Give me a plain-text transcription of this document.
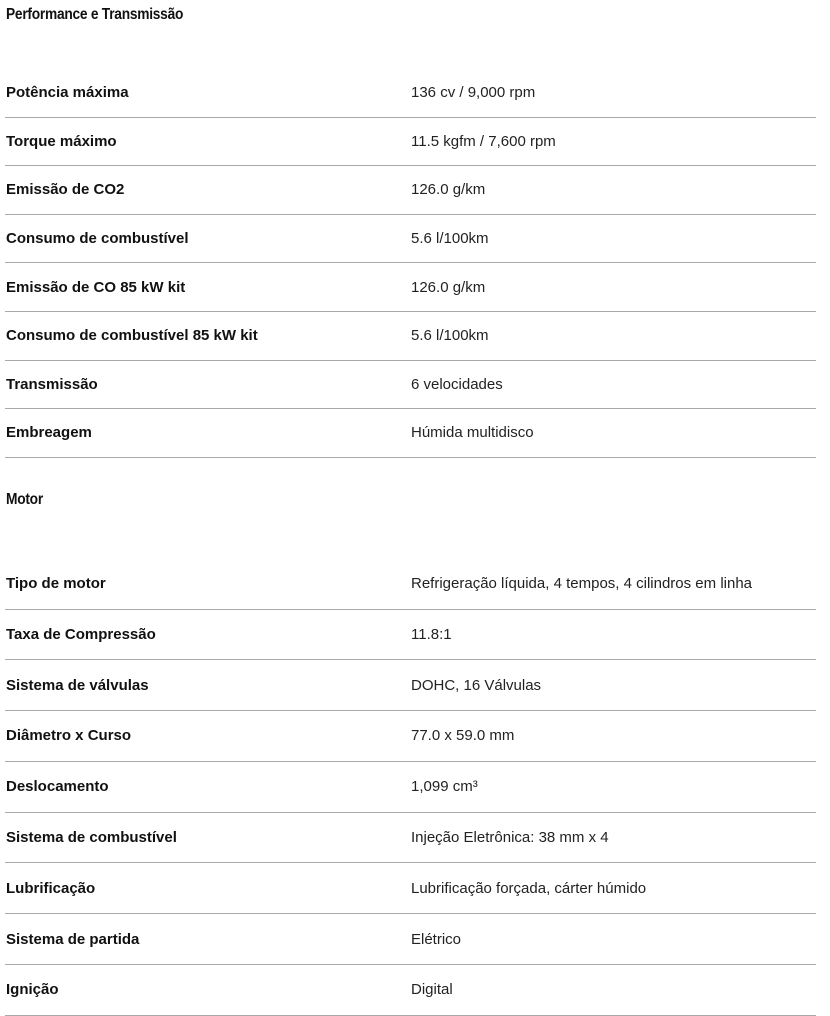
Performance e Transmissão
Potência máxima	136 cv / 9,000 rpm
Torque máximo	11.5 kgfm / 7,600 rpm
Emissão de CO2	126.0 g/km
Consumo de combustível	5.6 l/100km
Emissão de CO 85 kW kit	126.0 g/km
Consumo de combustível 85 kW kit	5.6 l/100km
Transmissão	6 velocidades
Embreagem	Húmida multidisco
Motor
Tipo de motor	Refrigeração líquida, 4 tempos, 4 cilindros em linha
Taxa de Compressão	11.8:1
Sistema de válvulas	DOHC, 16 Válvulas
Diâmetro x Curso	77.0 x 59.0 mm
Deslocamento	1,099 cm³
Sistema de combustível	Injeção Eletrônica: 38 mm x 4
Lubrificação	Lubrificação forçada, cárter húmido
Sistema de partida	Elétrico
Ignição	Digital
